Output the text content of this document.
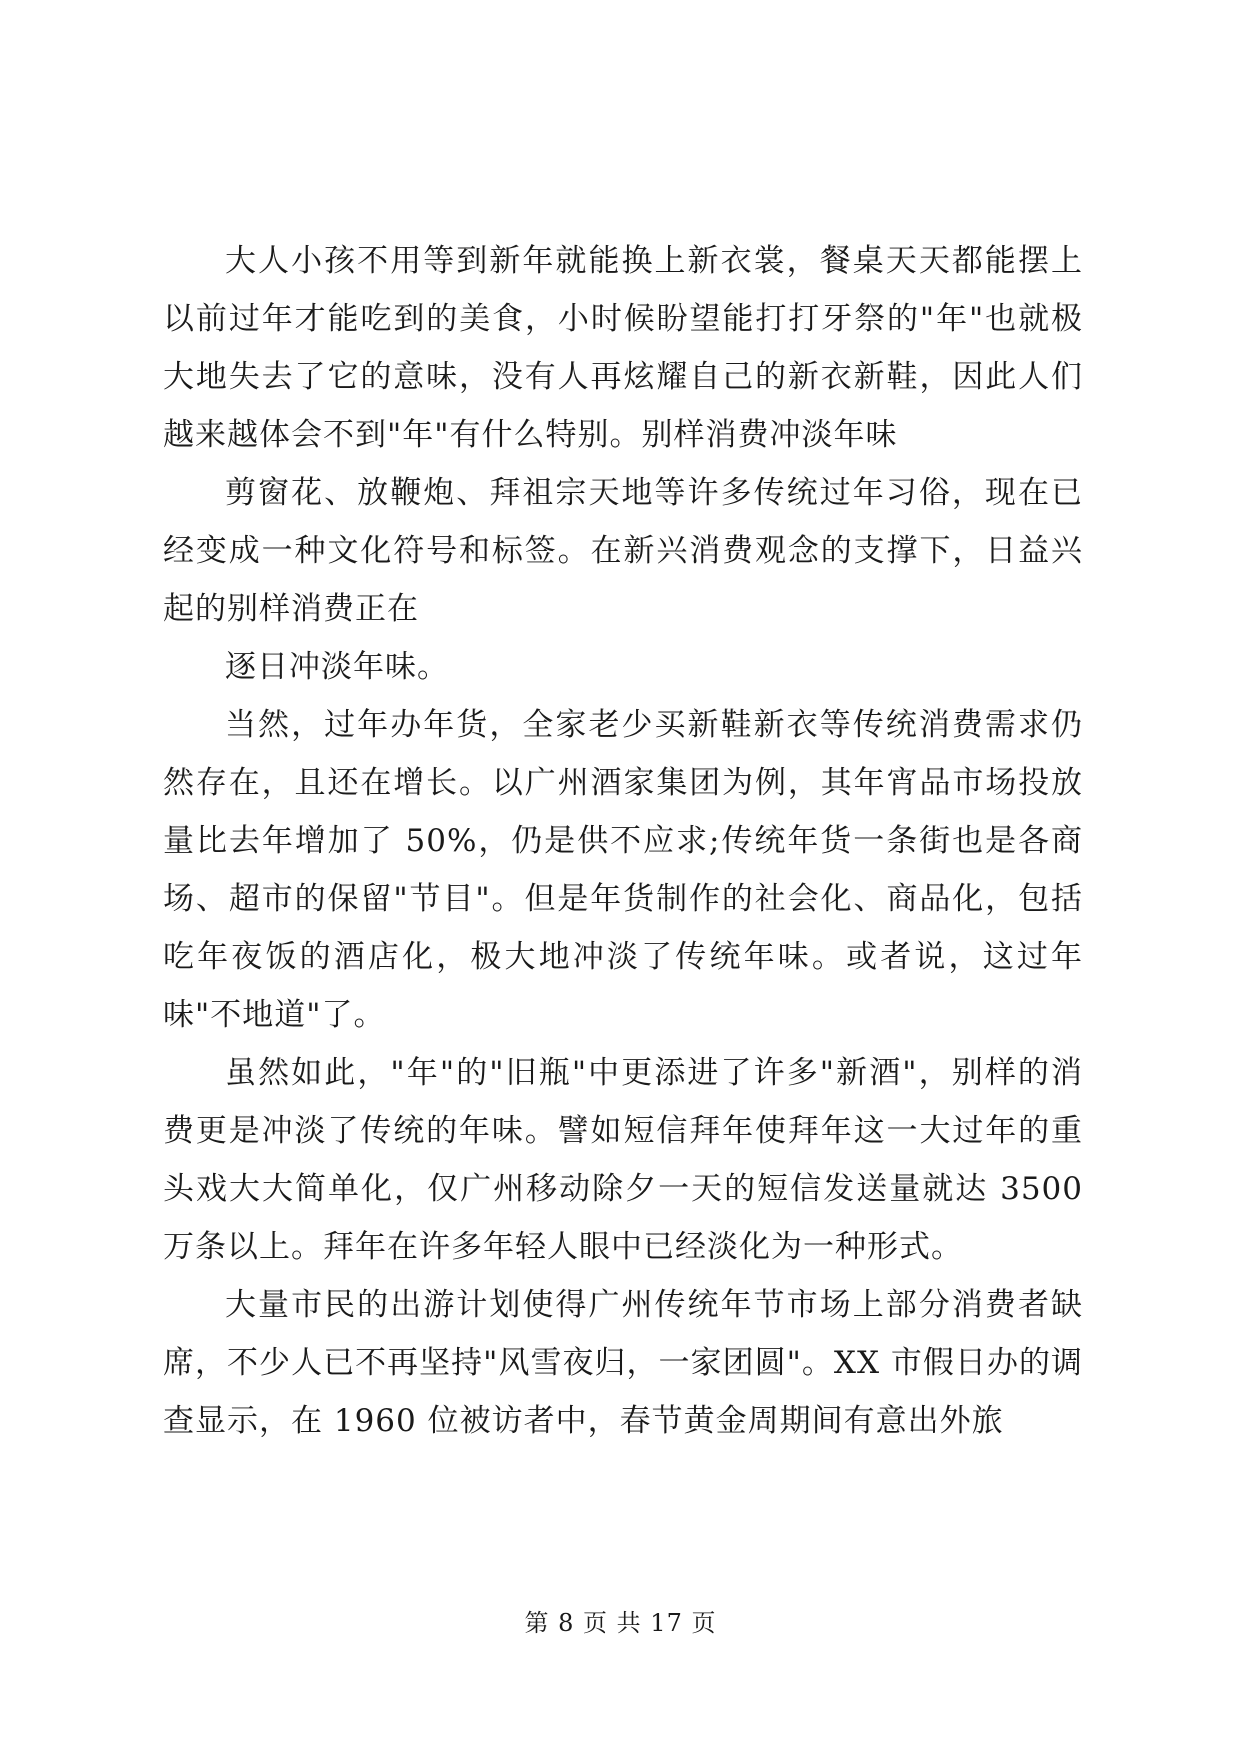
大人小孩不用等到新年就能换上新衣裳，餐桌天天都能摆上以前过年才能吃到的美食，小时候盼望能打打牙祭的"年"也就极大地失去了它的意味，没有人再炫耀自己的新衣新鞋，因此人们越来越体会不到"年"有什么特别。别样消费冲淡年味

剪窗花、放鞭炮、拜祖宗天地等许多传统过年习俗，现在已经变成一种文化符号和标签。在新兴消费观念的支撑下，日益兴起的别样消费正在

逐日冲淡年味。

当然，过年办年货，全家老少买新鞋新衣等传统消费需求仍然存在，且还在增长。以广州酒家集团为例，其年宵品市场投放量比去年增加了 50%，仍是供不应求;传统年货一条街也是各商场、超市的保留"节目"。但是年货制作的社会化、商品化，包括吃年夜饭的酒店化，极大地冲淡了传统年味。或者说，这过年味"不地道"了。

虽然如此，"年"的"旧瓶"中更添进了许多"新酒"，别样的消费更是冲淡了传统的年味。譬如短信拜年使拜年这一大过年的重头戏大大简单化，仅广州移动除夕一天的短信发送量就达 3500 万条以上。拜年在许多年轻人眼中已经淡化为一种形式。

大量市民的出游计划使得广州传统年节市场上部分消费者缺席，不少人已不再坚持"风雪夜归，一家团圆"。XX 市假日办的调查显示，在 1960 位被访者中，春节黄金周期间有意出外旅

第 8 页 共 17 页
